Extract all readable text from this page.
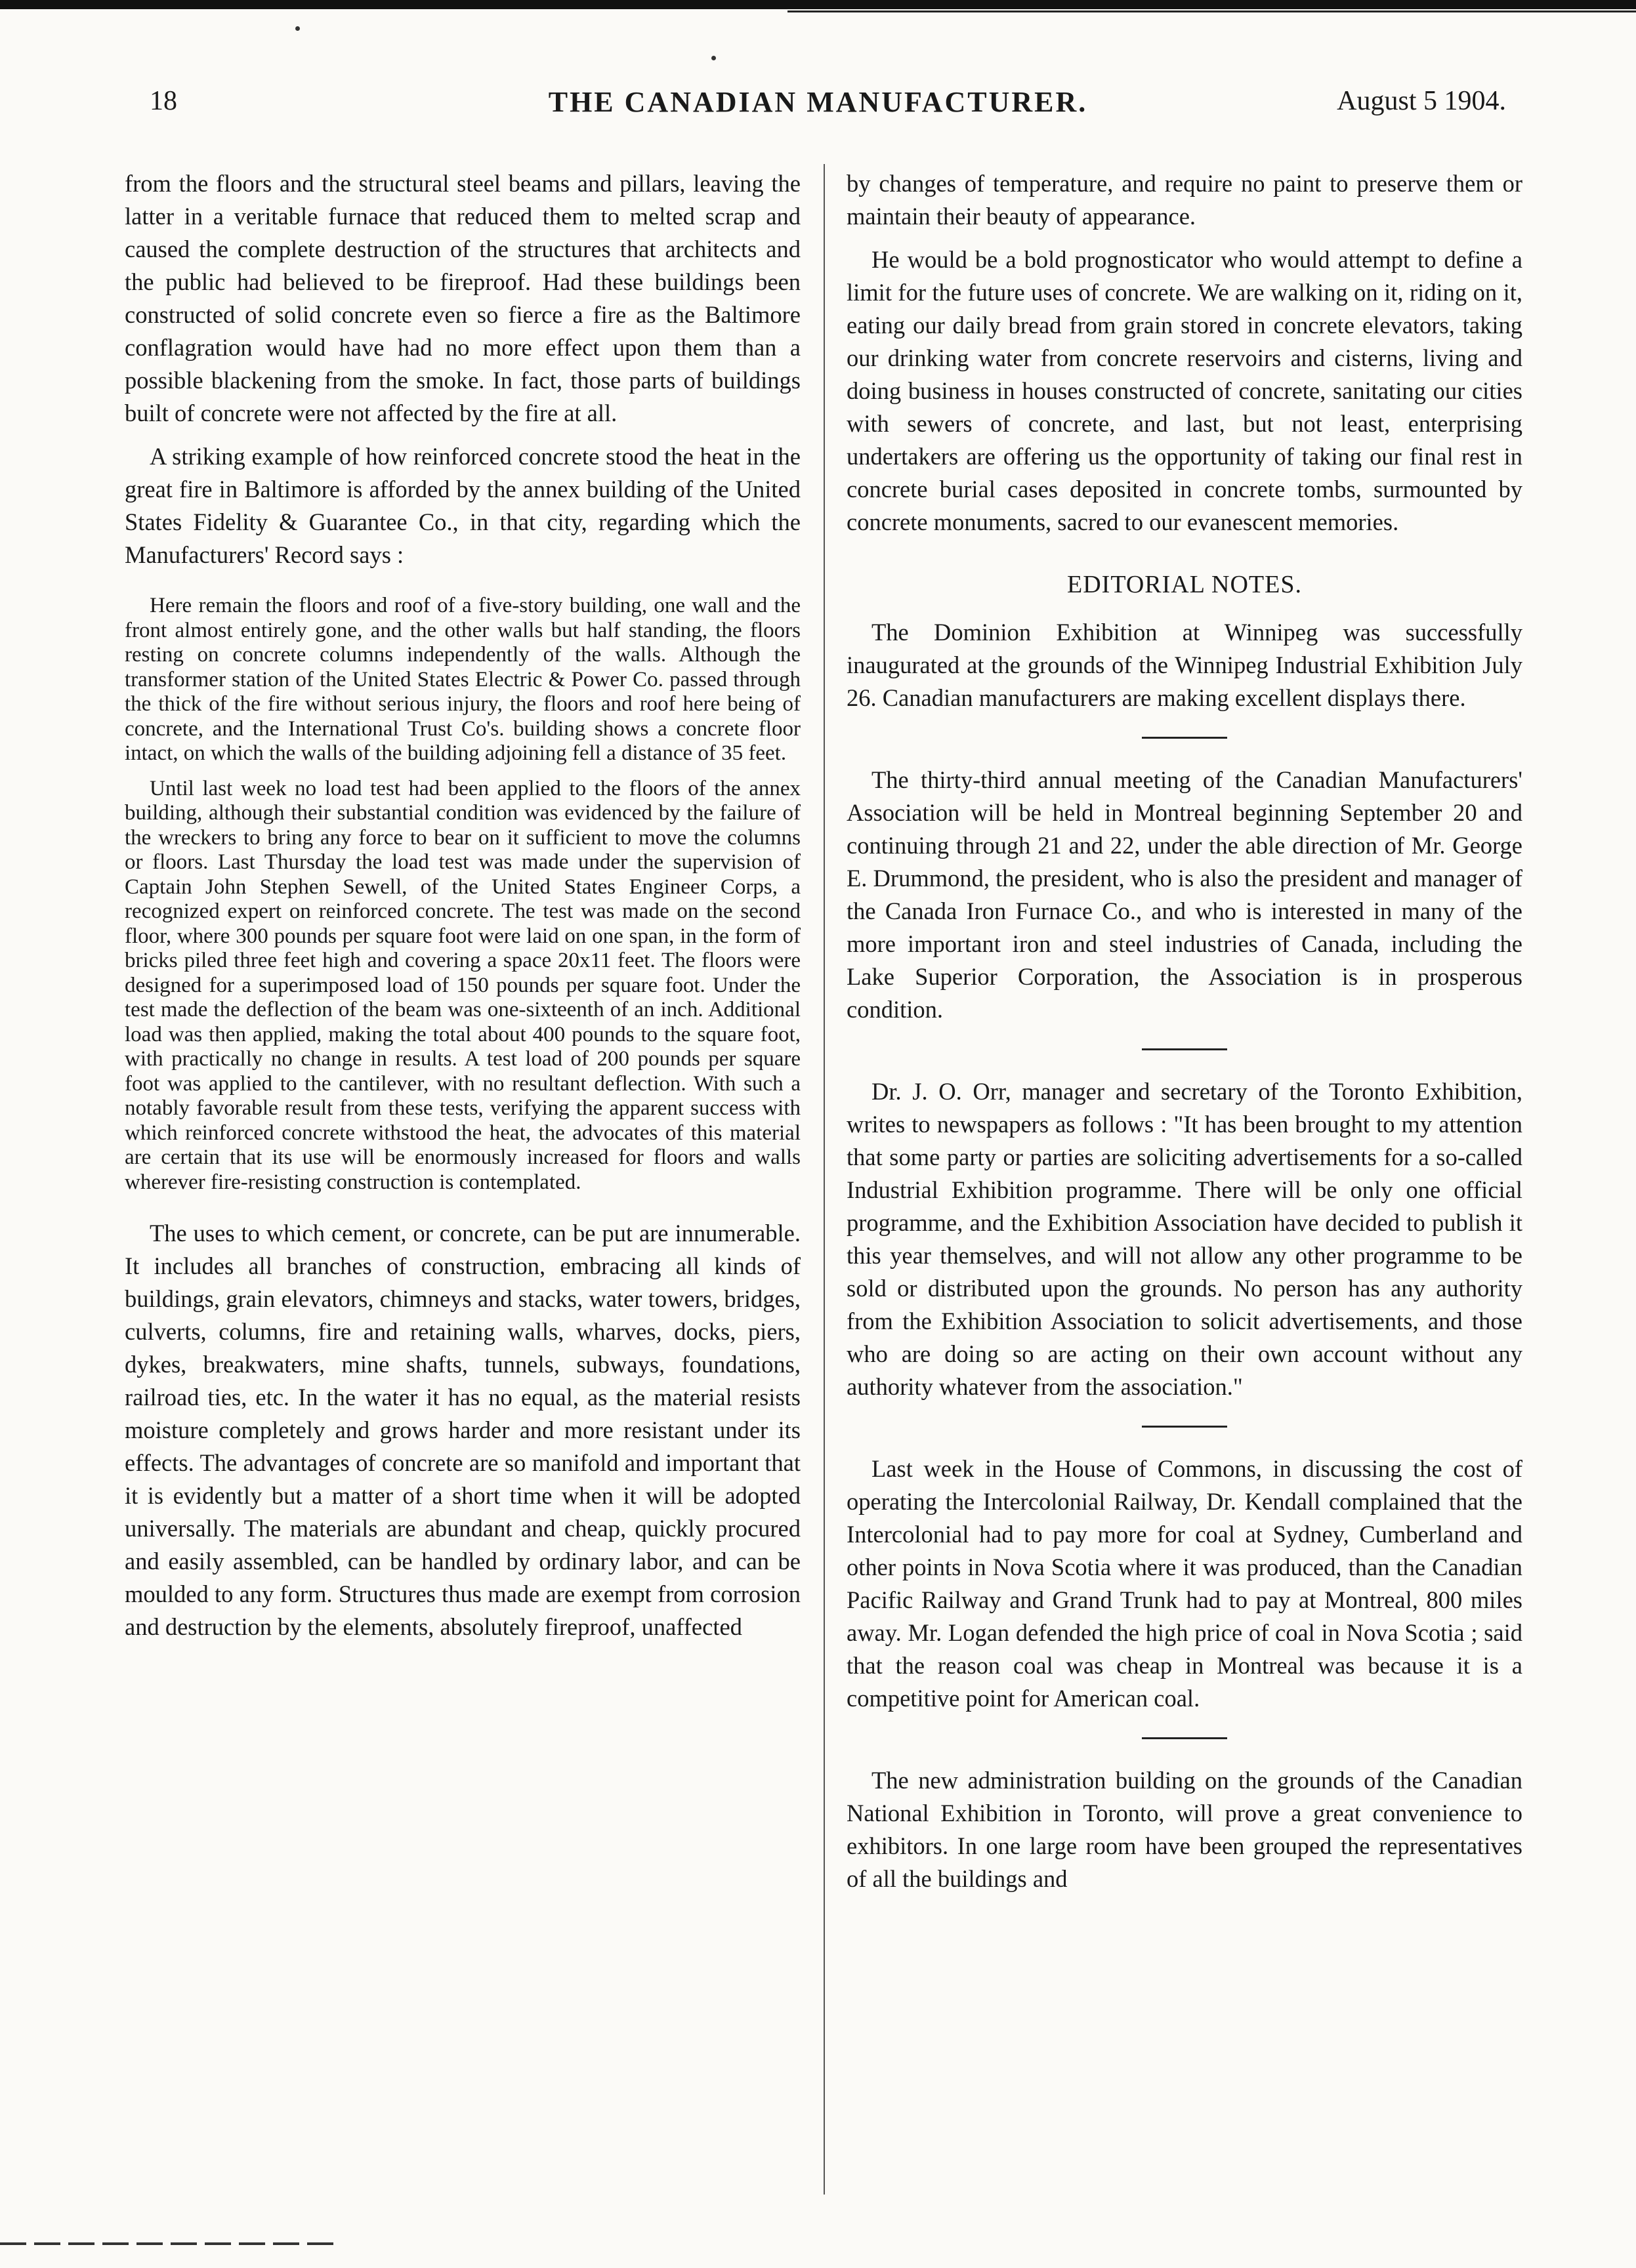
18	THE CANADIAN MANUFACTURER.	August 5 1904.

from the floors and the structural steel beams and pillars, leaving the latter in a veritable furnace that reduced them to melted scrap and caused the complete destruction of the structures that architects and the public had believed to be fireproof. Had these buildings been constructed of solid concrete even so fierce a fire as the Baltimore conflagration would have had no more effect upon them than a possible blackening from the smoke. In fact, those parts of buildings built of concrete were not affected by the fire at all.

A striking example of how reinforced concrete stood the heat in the great fire in Baltimore is afforded by the annex building of the United States Fidelity & Guarantee Co., in that city, regarding which the Manufacturers' Record says :

Here remain the floors and roof of a five-story building, one wall and the front almost entirely gone, and the other walls but half standing, the floors resting on concrete columns independently of the walls. Although the transformer station of the United States Electric & Power Co. passed through the thick of the fire without serious injury, the floors and roof here being of concrete, and the International Trust Co's. building shows a concrete floor intact, on which the walls of the building adjoining fell a distance of 35 feet.

Until last week no load test had been applied to the floors of the annex building, although their substantial condition was evidenced by the failure of the wreckers to bring any force to bear on it sufficient to move the columns or floors. Last Thursday the load test was made under the supervision of Captain John Stephen Sewell, of the United States Engineer Corps, a recognized expert on reinforced concrete. The test was made on the second floor, where 300 pounds per square foot were laid on one span, in the form of bricks piled three feet high and covering a space 20x11 feet. The floors were designed for a superimposed load of 150 pounds per square foot. Under the test made the deflection of the beam was one-sixteenth of an inch. Additional load was then applied, making the total about 400 pounds to the square foot, with practically no change in results. A test load of 200 pounds per square foot was applied to the cantilever, with no resultant deflection. With such a notably favorable result from these tests, verifying the apparent success with which reinforced concrete withstood the heat, the advocates of this material are certain that its use will be enormously increased for floors and walls wherever fire-resisting construction is contemplated.

The uses to which cement, or concrete, can be put are innumerable. It includes all branches of construction, embracing all kinds of buildings, grain elevators, chimneys and stacks, water towers, bridges, culverts, columns, fire and retaining walls, wharves, docks, piers, dykes, breakwaters, mine shafts, tunnels, subways, foundations, railroad ties, etc. In the water it has no equal, as the material resists moisture completely and grows harder and more resistant under its effects. The advantages of concrete are so manifold and important that it is evidently but a matter of a short time when it will be adopted universally. The materials are abundant and cheap, quickly procured and easily assembled, can be handled by ordinary labor, and can be moulded to any form. Structures thus made are exempt from corrosion and destruction by the elements, absolutely fireproof, unaffected

by changes of temperature, and require no paint to preserve them or maintain their beauty of appearance.

He would be a bold prognosticator who would attempt to define a limit for the future uses of concrete. We are walking on it, riding on it, eating our daily bread from grain stored in concrete elevators, taking our drinking water from concrete reservoirs and cisterns, living and doing business in houses constructed of concrete, sanitating our cities with sewers of concrete, and last, but not least, enterprising undertakers are offering us the opportunity of taking our final rest in concrete burial cases deposited in concrete tombs, surmounted by concrete monuments, sacred to our evanescent memories.

EDITORIAL NOTES.

The Dominion Exhibition at Winnipeg was successfully inaugurated at the grounds of the Winnipeg Industrial Exhibition July 26. Canadian manufacturers are making excellent displays there.

The thirty-third annual meeting of the Canadian Manufacturers' Association will be held in Montreal beginning September 20 and continuing through 21 and 22, under the able direction of Mr. George E. Drummond, the president, who is also the president and manager of the Canada Iron Furnace Co., and who is interested in many of the more important iron and steel industries of Canada, including the Lake Superior Corporation, the Association is in prosperous condition.

Dr. J. O. Orr, manager and secretary of the Toronto Exhibition, writes to newspapers as follows : "It has been brought to my attention that some party or parties are soliciting advertisements for a so-called Industrial Exhibition programme. There will be only one official programme, and the Exhibition Association have decided to publish it this year themselves, and will not allow any other programme to be sold or distributed upon the grounds. No person has any authority from the Exhibition Association to solicit advertisements, and those who are doing so are acting on their own account without any authority whatever from the association."

Last week in the House of Commons, in discussing the cost of operating the Intercolonial Railway, Dr. Kendall complained that the Intercolonial had to pay more for coal at Sydney, Cumberland and other points in Nova Scotia where it was produced, than the Canadian Pacific Railway and Grand Trunk had to pay at Montreal, 800 miles away. Mr. Logan defended the high price of coal in Nova Scotia ; said that the reason coal was cheap in Montreal was because it is a competitive point for American coal.

The new administration building on the grounds of the Canadian National Exhibition in Toronto, will prove a great convenience to exhibitors. In one large room have been grouped the representatives of all the buildings and
